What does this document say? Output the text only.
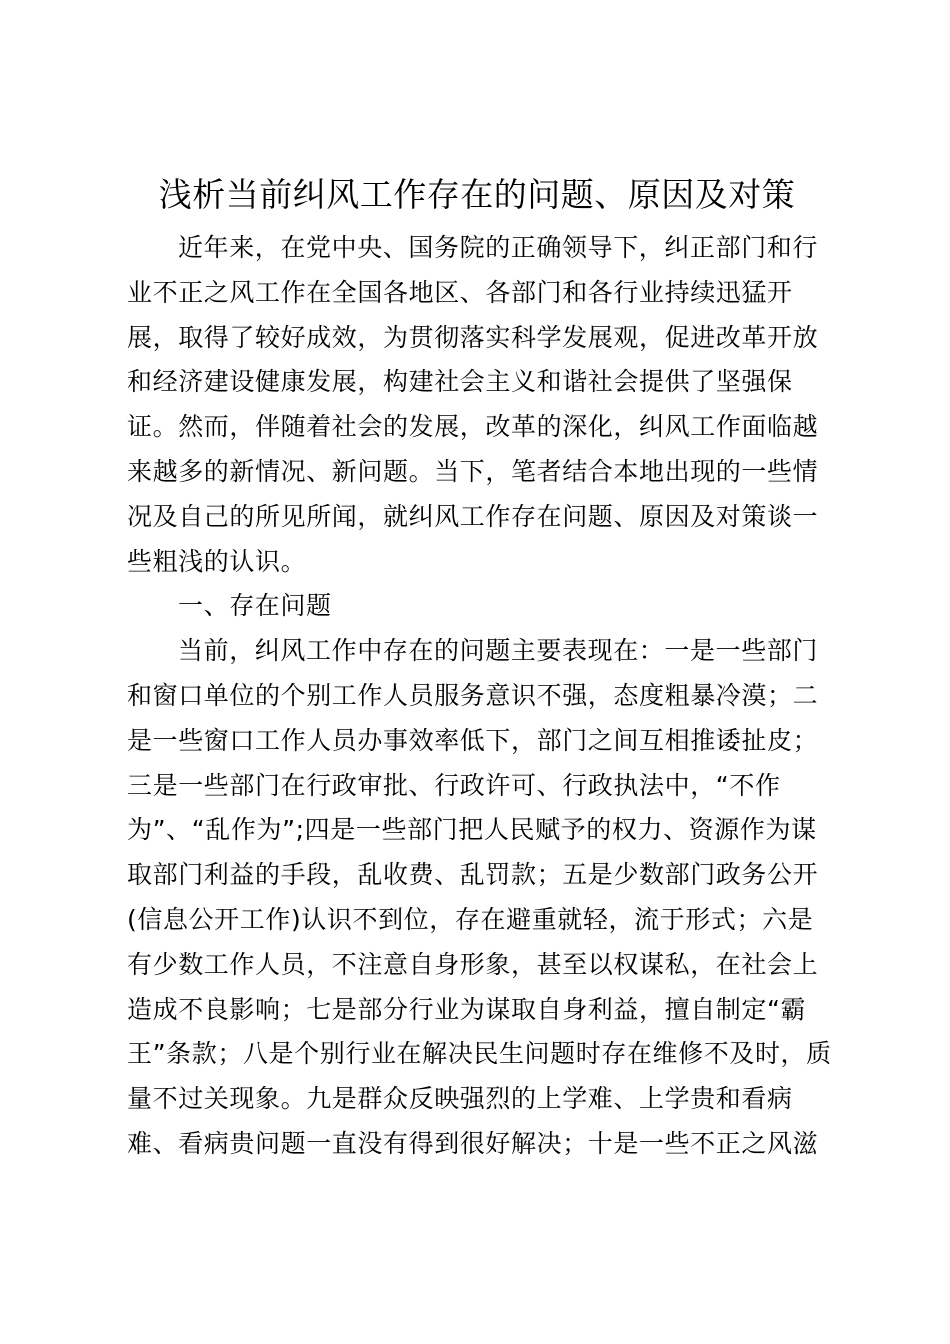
浅析当前纠风工作存在的问题、原因及对策
近年来，在党中央、国务院的正确领导下，纠正部门和行
业不正之风工作在全国各地区、各部门和各行业持续迅猛开
展，取得了较好成效，为贯彻落实科学发展观，促进改革开放
和经济建设健康发展，构建社会主义和谐社会提供了坚强保
证。然而，伴随着社会的发展，改革的深化，纠风工作面临越
来越多的新情况、新问题。当下，笔者结合本地出现的一些情
况及自己的所见所闻，就纠风工作存在问题、原因及对策谈一
些粗浅的认识。
一、存在问题
当前，纠风工作中存在的问题主要表现在：一是一些部门
和窗口单位的个别工作人员服务意识不强，态度粗暴冷漠；二
是一些窗口工作人员办事效率低下，部门之间互相推诿扯皮；
三是一些部门在行政审批、行政许可、行政执法中，“不作
为”、“乱作为”;四是一些部门把人民赋予的权力、资源作为谋
取部门利益的手段，乱收费、乱罚款；五是少数部门政务公开
(信息公开工作)认识不到位，存在避重就轻，流于形式；六是
有少数工作人员，不注意自身形象，甚至以权谋私，在社会上
造成不良影响；七是部分行业为谋取自身利益，擅自制定“霸
王”条款；八是个别行业在解决民生问题时存在维修不及时，质
量不过关现象。九是群众反映强烈的上学难、上学贵和看病
难、看病贵问题一直没有得到很好解决；十是一些不正之风滋
